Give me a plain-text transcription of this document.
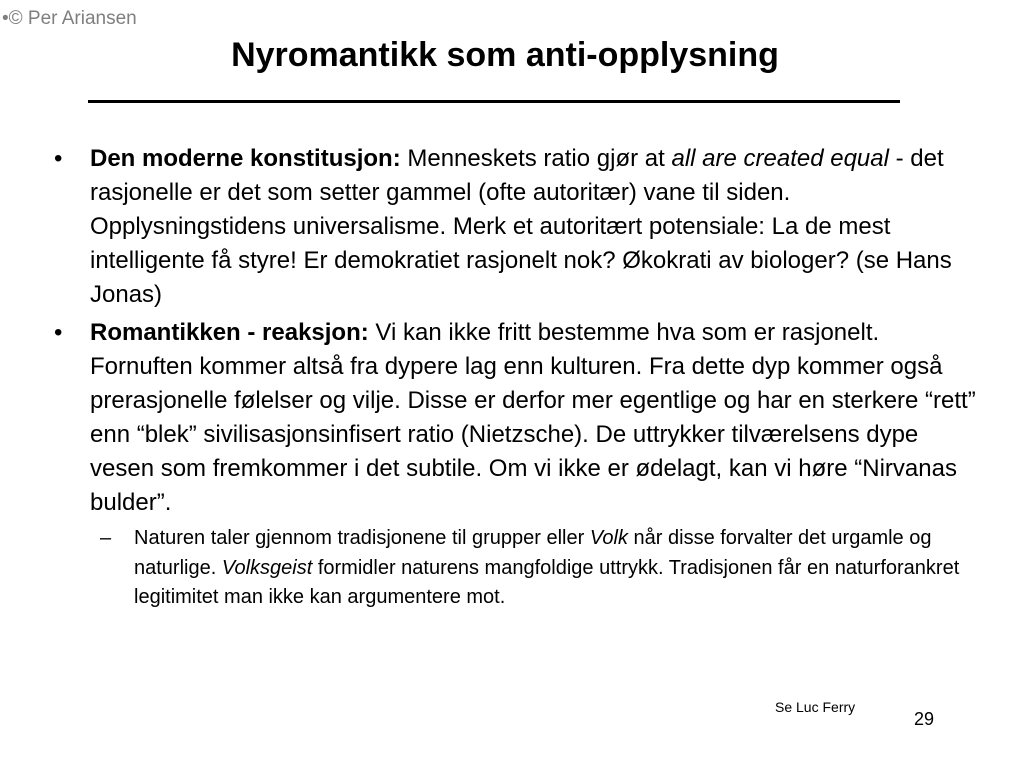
•© Per Ariansen
Nyromantikk som anti-opplysning
• Den moderne konstitusjon: Menneskets ratio gjør at all are created equal - det rasjonelle er det som setter gammel (ofte autoritær) vane til siden. Opplysningstidens universalisme. Merk et autoritært potensiale: La de mest intelligente få styre! Er demokratiet rasjonelt nok? Økokrati av biologer? (se Hans Jonas)
• Romantikken - reaksjon: Vi kan ikke fritt bestemme hva som er rasjonelt. Fornuften kommer altså fra dypere lag enn kulturen. Fra dette dyp kommer også prerasjonelle følelser og vilje. Disse er derfor mer egentlige og har en sterkere “rett” enn “blek” sivilisasjonsinfisert ratio (Nietzsche). De uttrykker tilværelsens dype vesen som fremkommer i det subtile. Om vi ikke er ødelagt, kan vi høre “Nirvanas bulder”.
– Naturen taler gjennom tradisjonene til grupper eller Volk når disse forvalter det urgamle og naturlige. Volksgeist formidler naturens mangfoldige uttrykk. Tradisjonen får en naturforankret legitimitet man ikke kan argumentere mot.
Se Luc Ferry
29
